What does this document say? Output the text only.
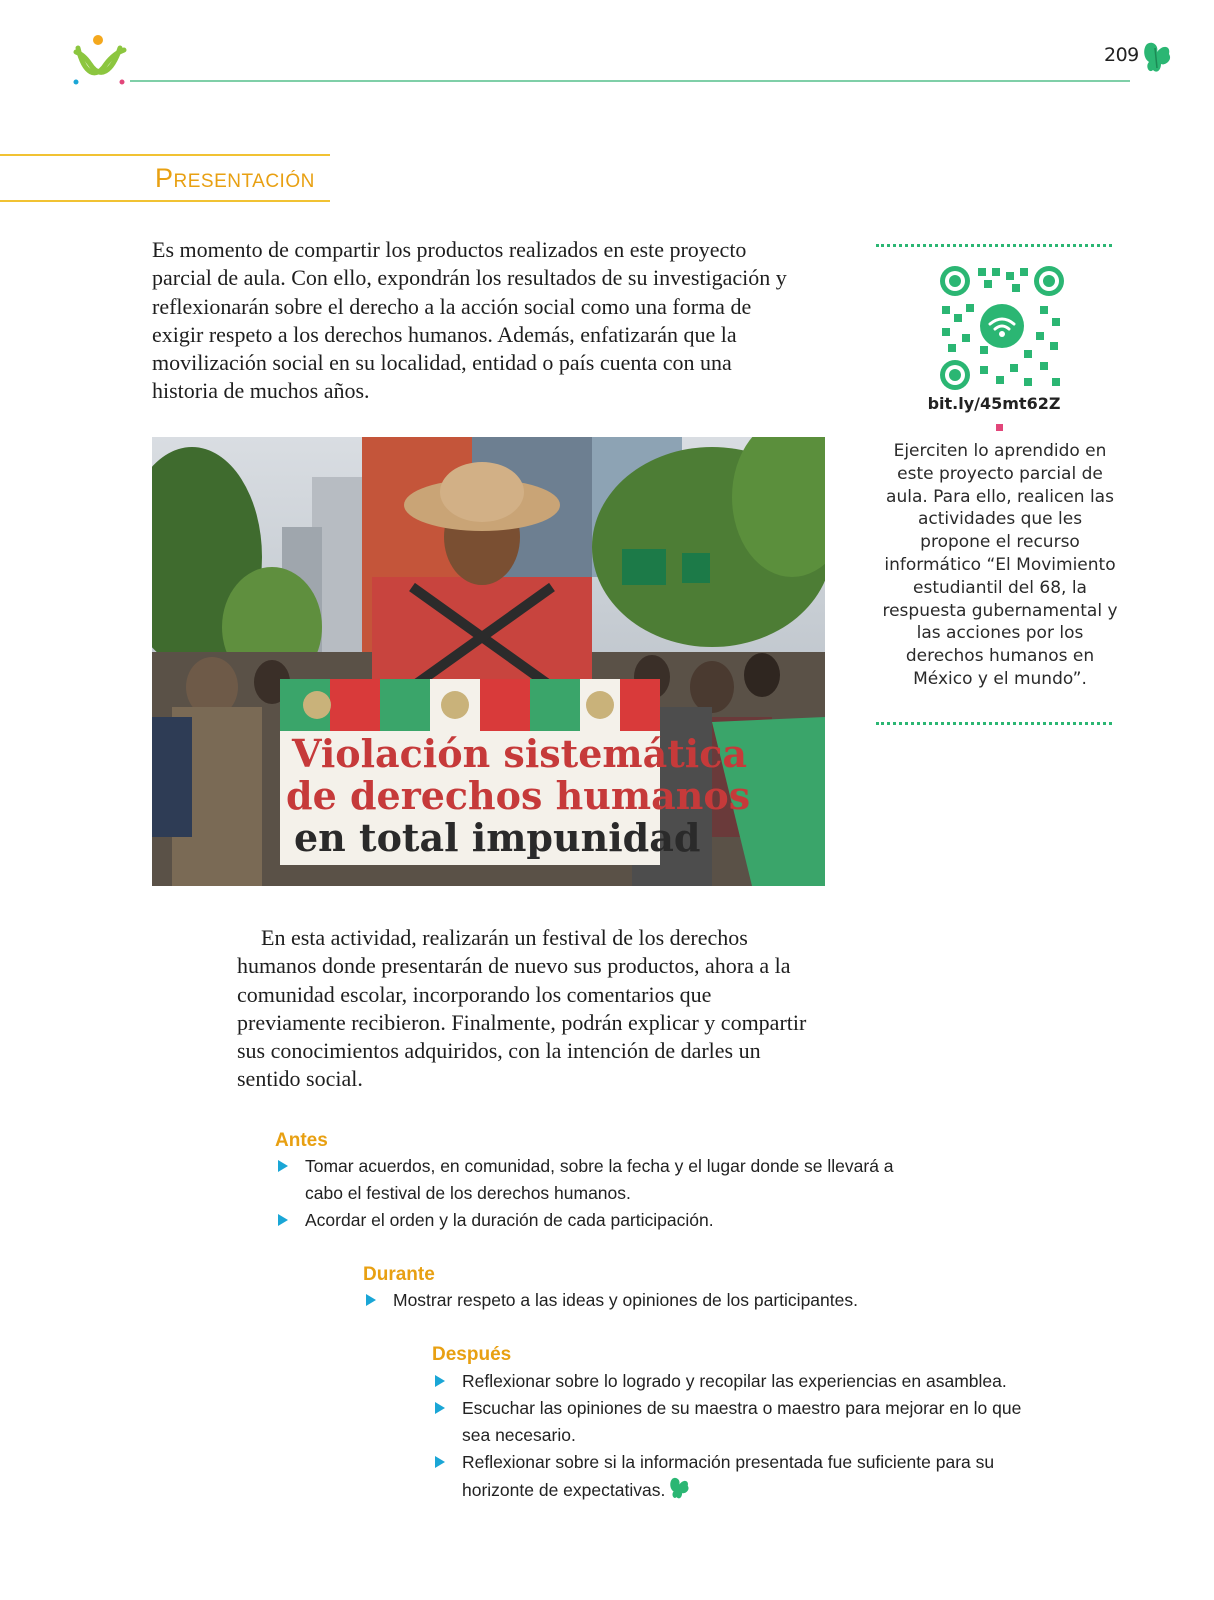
209
Presentación

Es momento de compartir los productos realizados en este proyecto parcial de aula. Con ello, expondrán los resultados de su investigación y reflexionarán sobre el derecho a la acción social como una forma de exigir respeto a los derechos humanos. Además, enfatizarán que la movilización social en su localidad, entidad o país cuenta con una historia de muchos años.

Violación sistemática
de derechos humanos
en total impunidad
bit.ly/45mt62Z

Ejerciten lo aprendido en este proyecto parcial de aula. Para ello, realicen las actividades que les propone el recurso informático “El Movimiento estudiantil del 68, la respuesta gubernamental y las acciones por los derechos humanos en México y el mundo”.

En esta actividad, realizarán un festival de los derechos humanos donde presentarán de nuevo sus productos, ahora a la comunidad escolar, incorporando los comentarios que previamente recibieron. Finalmente, podrán explicar y compartir sus conocimientos adquiridos, con la intención de darles un sentido social.

Antes
Tomar acuerdos, en comunidad, sobre la fecha y el lugar donde se llevará a cabo el festival de los derechos humanos.
Acordar el orden y la duración de cada participación.
Durante
Mostrar respeto a las ideas y opiniones de los participantes.
Después
Reflexionar sobre lo logrado y recopilar las experiencias en asamblea.
Escuchar las opiniones de su maestra o maestro para mejorar en lo que sea necesario.
Reflexionar sobre si la información presentada fue suficiente para su horizonte de expectativas.
